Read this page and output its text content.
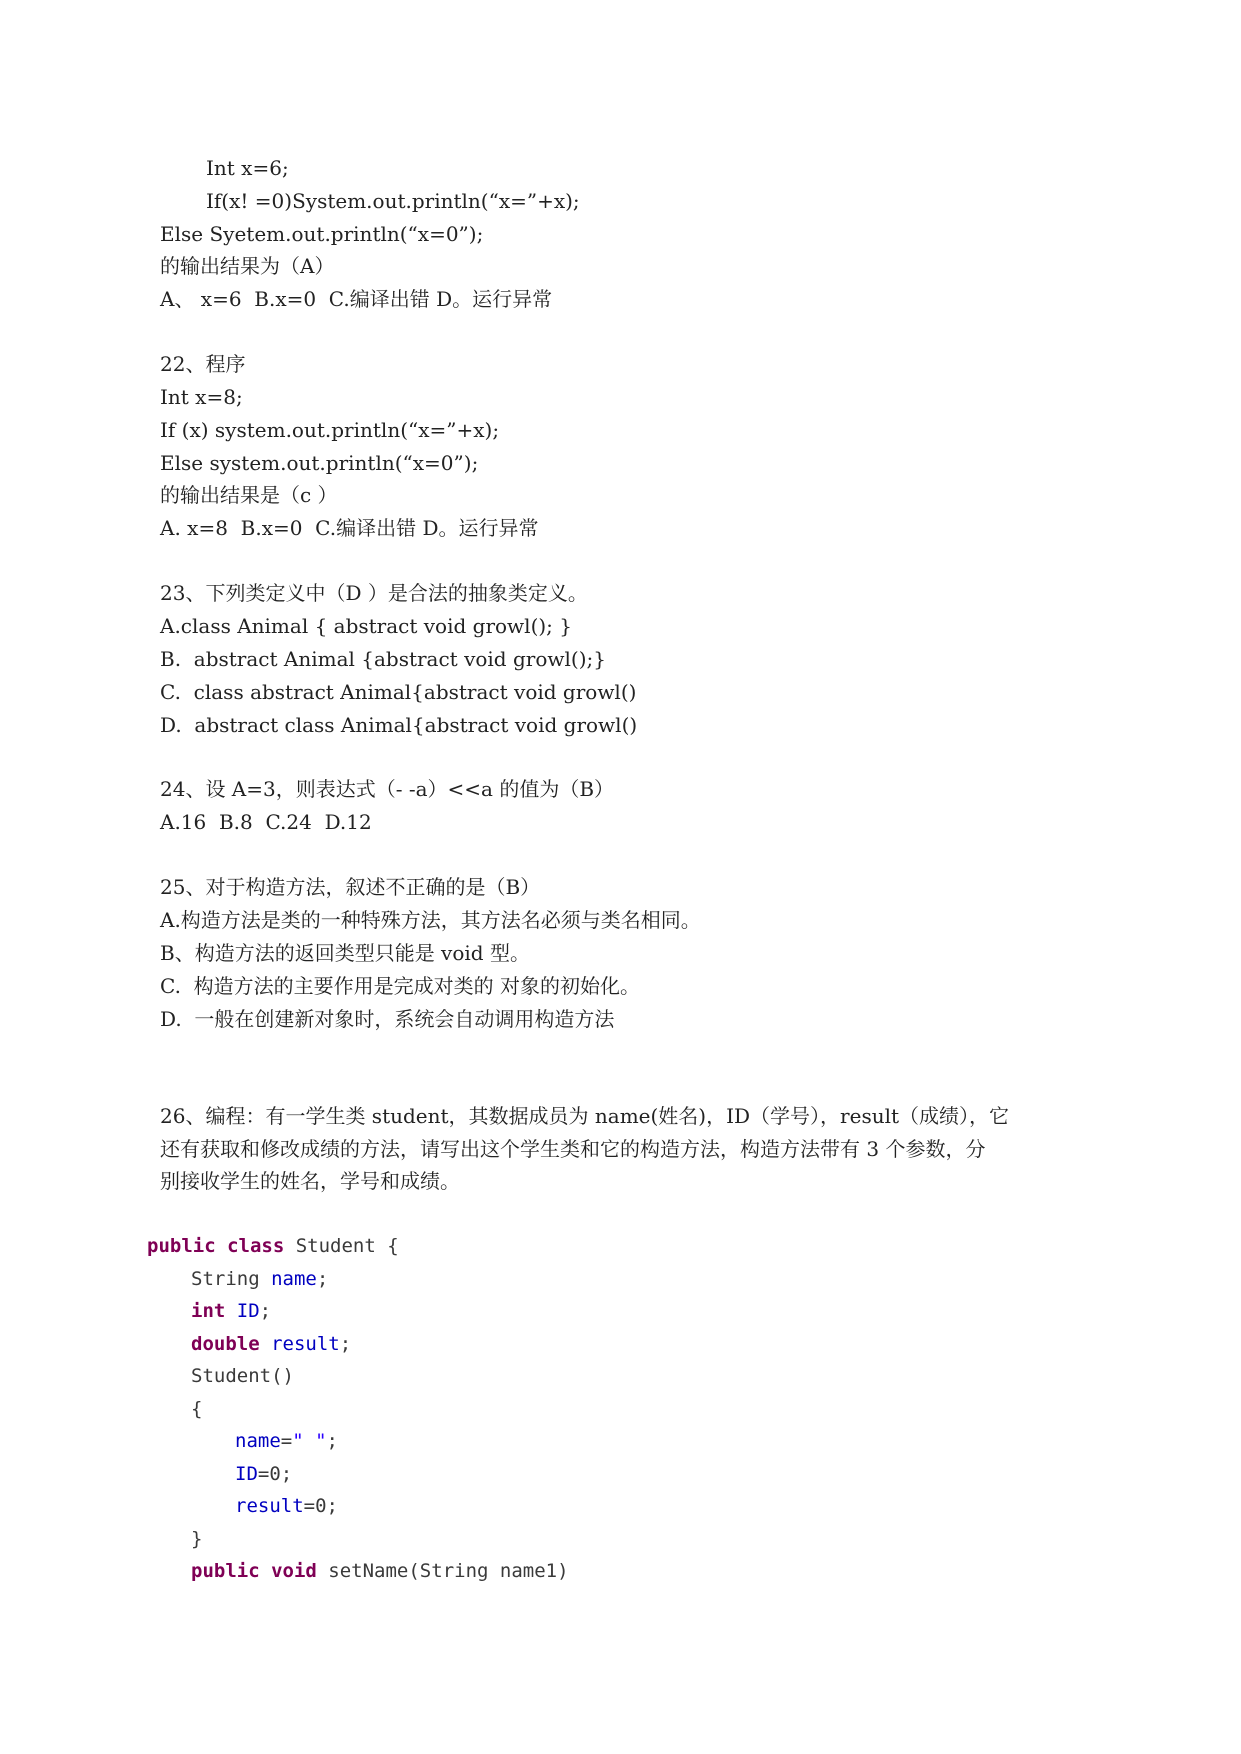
Int x=6;
If(x! =0)System.out.println(“x=”+x);
Else Syetem.out.println(“x=0”);
的输出结果为（A）
A、 x=6  B.x=0  C.编译出错 D。运行异常
22、程序
Int x=8;
If (x) system.out.println(“x=”+x);
Else system.out.println(“x=0”);
的输出结果是（c ）
A. x=8  B.x=0  C.编译出错 D。运行异常
23、下列类定义中（D ）是合法的抽象类定义。
A.class Animal { abstract void growl(); }
B.  abstract Animal {abstract void growl();}
C.  class abstract Animal{abstract void growl()
D.  abstract class Animal{abstract void growl()
24、设 A=3，则表达式（- -a）<<a 的值为（B）
A.16  B.8  C.24  D.12
25、对于构造方法，叙述不正确的是（B）
A.构造方法是类的一种特殊方法，其方法名必须与类名相同。
B、构造方法的返回类型只能是 void 型。
C.  构造方法的主要作用是完成对类的 对象的初始化。
D.  一般在创建新对象时，系统会自动调用构造方法
26、编程：有一学生类 student，其数据成员为 name(姓名)，ID（学号），result（成绩），它
还有获取和修改成绩的方法，请写出这个学生类和它的构造方法，构造方法带有 3 个参数，分
别接收学生的姓名，学号和成绩。
public class Student {
String name;
int ID;
double result;
Student()
{
name=" ";
ID=0;
result=0;
}
public void setName(String name1)
